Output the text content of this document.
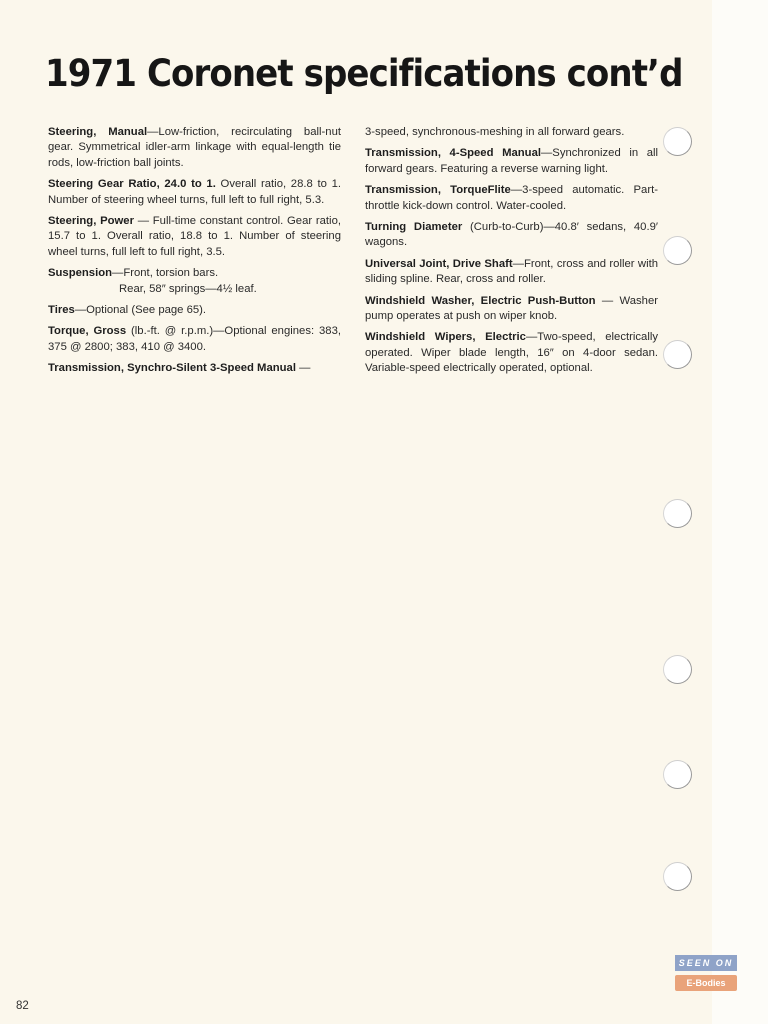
1971 Coronet specifications cont’d

Steering, Manual—Low-friction, recirculating ball-nut gear. Symmetrical idler-arm linkage with equal-length tie rods, low-friction ball joints.

Steering Gear Ratio, 24.0 to 1. Overall ratio, 28.8 to 1. Number of steering wheel turns, full left to full right, 5.3.

Steering, Power — Full-time constant control. Gear ratio, 15.7 to 1. Overall ratio, 18.8 to 1. Number of steering wheel turns, full left to full right, 3.5.

Suspension—Front, torsion bars.
Rear, 58″ springs—4½ leaf.

Tires—Optional (See page 65).

Torque, Gross (lb.-ft. @ r.p.m.)—Optional engines: 383, 375 @ 2800; 383, 410 @ 3400.

Transmission, Synchro-Silent 3-Speed Manual —

3-speed, synchronous-meshing in all forward gears.

Transmission, 4-Speed Manual—Synchronized in all forward gears. Featuring a reverse warning light.

Transmission, TorqueFlite—3-speed automatic. Part-throttle kick-down control. Water-cooled.

Turning Diameter (Curb-to-Curb)—40.8′ sedans, 40.9′ wagons.

Universal Joint, Drive Shaft—Front, cross and roller with sliding spline. Rear, cross and roller.

Windshield Washer, Electric Push-Button — Washer pump operates at push on wiper knob.

Windshield Wipers, Electric—Two-speed, electrically operated. Wiper blade length, 16″ on 4-door sedan. Variable-speed electrically operated, optional.

82
SEEN ON
E-Bodies
